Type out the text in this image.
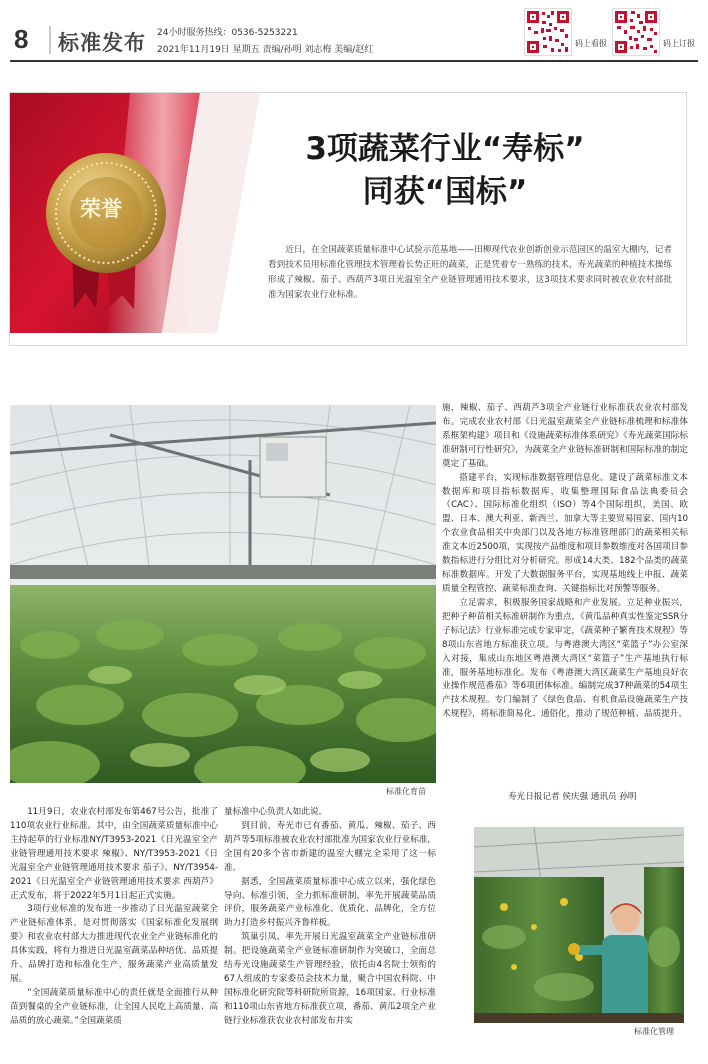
8 标准发布 24小时服务热线：0536-5253221
2021年11月19日 星期五 责编/孙明 刘志梅 美编/赵红
码上看报	码上订报
荣誉
3项蔬菜行业“寿标”
同获“国标”
近日，在全国蔬菜质量标准中心试验示范基地——田柳现代农业创新创业示范园区的温室大棚内，记者看到技术员用标准化管理技术管理着长势正旺的蔬菜，正是凭着专一熟练的技术，寿光蔬菜的种植技术操练形成了辣椒、茄子、西葫芦3项日光温室全产业链管理通用技术要求，这3项技术要求同时被农业农村部批准为国家农业行业标准。
标准化育苗

施，辣椒、茄子、西葫芦3项全产业链行业标准获农业农村部发布。完成农业农村部《日光温室蔬菜全产业链标准梳理和标准体系框架构建》项目和《设施蔬菜标准体系研究》《寿光蔬菜国际标准研制可行性研究》，为蔬菜全产业链标准研制和国际标准的制定奠定了基础。

搭建平台，实现标准数据管理信息化。建设了蔬菜标准文本数据库和项目指标数据库，收集整理国际食品法典委员会（CAC）、国际标准化组织（ISO）等4个国际组织，美国、欧盟、日本、澳大利亚、新西兰、加拿大等主要贸易国家、国内10个农业食品相关中央部门以及各地方标准管理部门的蔬菜相关标准文本近2500项，实现按产品维度和项目参数维度对各国项目参数指标进行分组比对分析研究。形成14大类、182个品类的蔬菜标准数据库。开发了大数据服务平台，实现基地线上申报、蔬菜质量全程管控、蔬菜标准查询、关键指标比对预警等服务。

立足需求，积极服务国家战略和产业发展。立足种业振兴，把种子种苗相关标准研制作为重点，《黄瓜品种真实性鉴定SSR分子标记法》行业标准完成专家审定，《蔬菜种子繁育技术规程》等8项山东省地方标准获立项。与粤港澳大湾区“菜篮子”办公室深入对接，集成山东地区粤港澳大湾区“菜篮子”生产基地执行标准，服务基地标准化。发布《粤港澳大湾区蔬菜生产基地良好农业操作规范番茄》等6项团体标准。编制完成37种蔬菜的54项生产技术规程。专门编制了《绿色食品、有机食品设施蔬菜生产技术规程》，将标准简易化、通俗化，推动了规范种植、品质提升。

寿光日报记者 侯庆强 通讯员 孙明

11月9日，农业农村部发布第467号公告，批准了110项农业行业标准。其中，由全国蔬菜质量标准中心主持起草的行业标准NY/T3953-2021《日光温室全产业链管理通用技术要求 辣椒》、NY/T3953-2021《日光温室全产业链管理通用技术要求 茄子》、NY/T3954-2021《日光温室全产业链管理通用技术要求 西葫芦》正式发布，将于2022年5月1日起正式实施。

3项行业标准的发布进一步推动了日光温室蔬菜全产业链标准体系，是对贯彻落实《国家标准化发展纲要》和农业农村部大力推进现代农业全产业链标准化的具体实践，将有力推进日光温室蔬菜品种培优、品质提升、品牌打造和标准化生产，服务蔬菜产业高质量发展。

“全国蔬菜质量标准中心的责任就是全面推行从种苗到餐桌的全产业链标准，让全国人民吃上高质量、高品质的放心蔬菜。”全国蔬菜质

量标准中心负责人如此说。

到目前，寿光市已有番茄、黄瓜、辣椒、茄子、西葫芦等5项标准被农业农村部批准为国家农业行业标准，全国有20多个省市新建的温室大棚完全采用了这一标准。

据悉，全国蔬菜质量标准中心成立以来，强化绿色导向、标准引领，全力抓标准研制，率先开展蔬菜品质评价，服务蔬菜产业标准化、优质化、品牌化，全方位助力打造乡村振兴齐鲁样板。

筑巢引凤，率先开展日光温室蔬菜全产业链标准研制。把设施蔬菜全产业链标准研制作为突破口，全面总结寿光设施蔬菜生产管理经验，依托由4名院士领衔的67人组成的专家委员会技术力量，聚合中国农科院、中国标准化研究院等科研院所资源，16项国家、行业标准和110项山东省地方标准获立项，番茄、黄瓜2项全产业链行业标准获农业农村部发布并实

标准化管理
